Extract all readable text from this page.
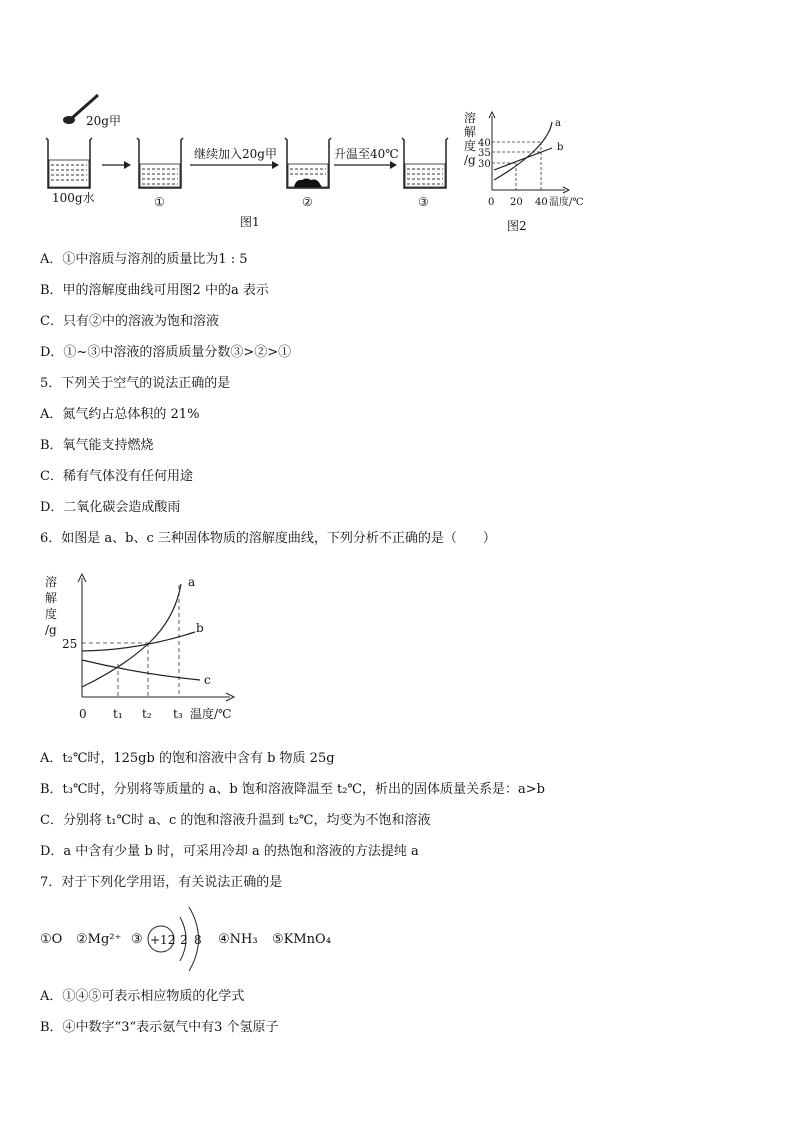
20g甲
100g水	①
继续加入20g甲
②
升温至40℃
③
图1
溶
解
度
/g
40
35
30
a
b
0 20 40 温度/℃
图2
A．①中溶质与溶剂的质量比为1 : 5
B．甲的溶解度曲线可用图2 中的a 表示
C．只有②中的溶液为饱和溶液
D．①~③中溶液的溶质质量分数③>②>①
5．下列关于空气的说法正确的是
A．氮气约占总体积的 21%
B．氧气能支持燃烧
C．稀有气体没有任何用途
D．二氧化碳会造成酸雨
6．如图是 a、b、c 三种固体物质的溶解度曲线，下列分析不正确的是（　　）
溶
解
度
/g
a
b
c
25
0 t₁ t₂ t₃ 温度/℃
A．t₂℃时，125gb 的饱和溶液中含有 b 物质 25g
B．t₃℃时，分别将等质量的 a、b 饱和溶液降温至 t₂℃，析出的固体质量关系是：a>b
C．分别将 t₁℃时 a、c 的饱和溶液升温到 t₂℃，均变为不饱和溶液
D．a 中含有少量 b 时，可采用冷却 a 的热饱和溶液的方法提纯 a
7．对于下列化学用语，有关说法正确的是
①O ②Mg²⁺ ③ +12 2 8 ④NH₃ ⑤KMnO₄
A．①④⑤可表示相应物质的化学式
B．④中数字“3“表示氨气中有3 个氢原子
